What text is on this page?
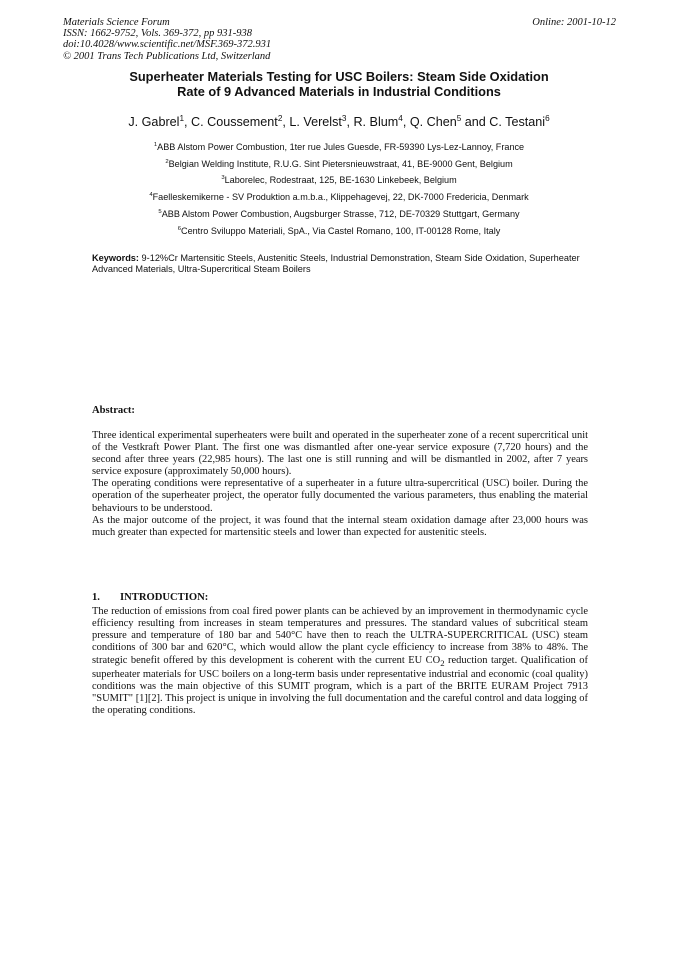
Materials Science Forum
ISSN: 1662-9752, Vols. 369-372, pp 931-938
doi:10.4028/www.scientific.net/MSF.369-372.931
© 2001 Trans Tech Publications Ltd, Switzerland
Online: 2001-10-12
Superheater Materials Testing for USC Boilers: Steam Side Oxidation
Rate of 9 Advanced Materials in Industrial Conditions
J. Gabrel$^1$, C. Coussement$^2$, L. Verelst$^3$, R. Blum$^4$, Q. Chen$^5$ and C. Testani$^6$
$^1$ABB Alstom Power Combustion, 1ter rue Jules Guesde, FR-59390 Lys-Lez-Lannoy, France
$^2$Belgian Welding Institute, R.U.G. Sint Pietersnieuwstraat, 41, BE-9000 Gent, Belgium
$^3$Laborelec, Rodestraat, 125, BE-1630 Linkebeek, Belgium
$^4$Faelleskemikerne - SV Produktion a.m.b.a., Klippehagevej, 22, DK-7000 Fredericia, Denmark
$^5$ABB Alstom Power Combustion, Augsburger Strasse, 712, DE-70329 Stuttgart, Germany
$^6$Centro Sviluppo Materiali, SpA., Via Castel Romano, 100, IT-00128 Rome, Italy
Keywords: 9-12%Cr Martensitic Steels, Austenitic Steels, Industrial Demonstration, Steam Side Oxidation, Superheater Advanced Materials, Ultra-Supercritical Steam Boilers
Abstract:

Three identical experimental superheaters were built and operated in the superheater zone of a recent supercritical unit of the Vestkraft Power Plant. The first one was dismantled after one-year service exposure (7,720 hours) and the second after three years (22,985 hours). The last one is still running and will be dismantled in 2002, after 7 years service exposure (approximately 50,000 hours).

The operating conditions were representative of a superheater in a future ultra-supercritical (USC) boiler. During the operation of the superheater project, the operator fully documented the various parameters, thus enabling the material behaviours to be understood.

As the major outcome of the project, it was found that the internal steam oxidation damage after 23,000 hours was much greater than expected for martensitic steels and lower than expected for austenitic steels.

1. INTRODUCTION:

The reduction of emissions from coal fired power plants can be achieved by an improvement in thermodynamic cycle efficiency resulting from increases in steam temperatures and pressures. The standard values of subcritical steam pressure and temperature of 180 bar and 540°C have then to reach the ULTRA-SUPERCRITICAL (USC) steam conditions of 300 bar and 620°C, which would allow the plant cycle efficiency to increase from 38% to 48%. The strategic benefit offered by this development is coherent with the current EU $CO_2$ reduction target. Qualification of superheater materials for USC boilers on a long-term basis under representative industrial and economic (coal quality) conditions was the main objective of this SUMIT program, which is a part of the BRITE EURAM Project 7913 "SUMIT" [1][2]. This project is unique in involving the full documentation and the careful control and data logging of the operating conditions.
